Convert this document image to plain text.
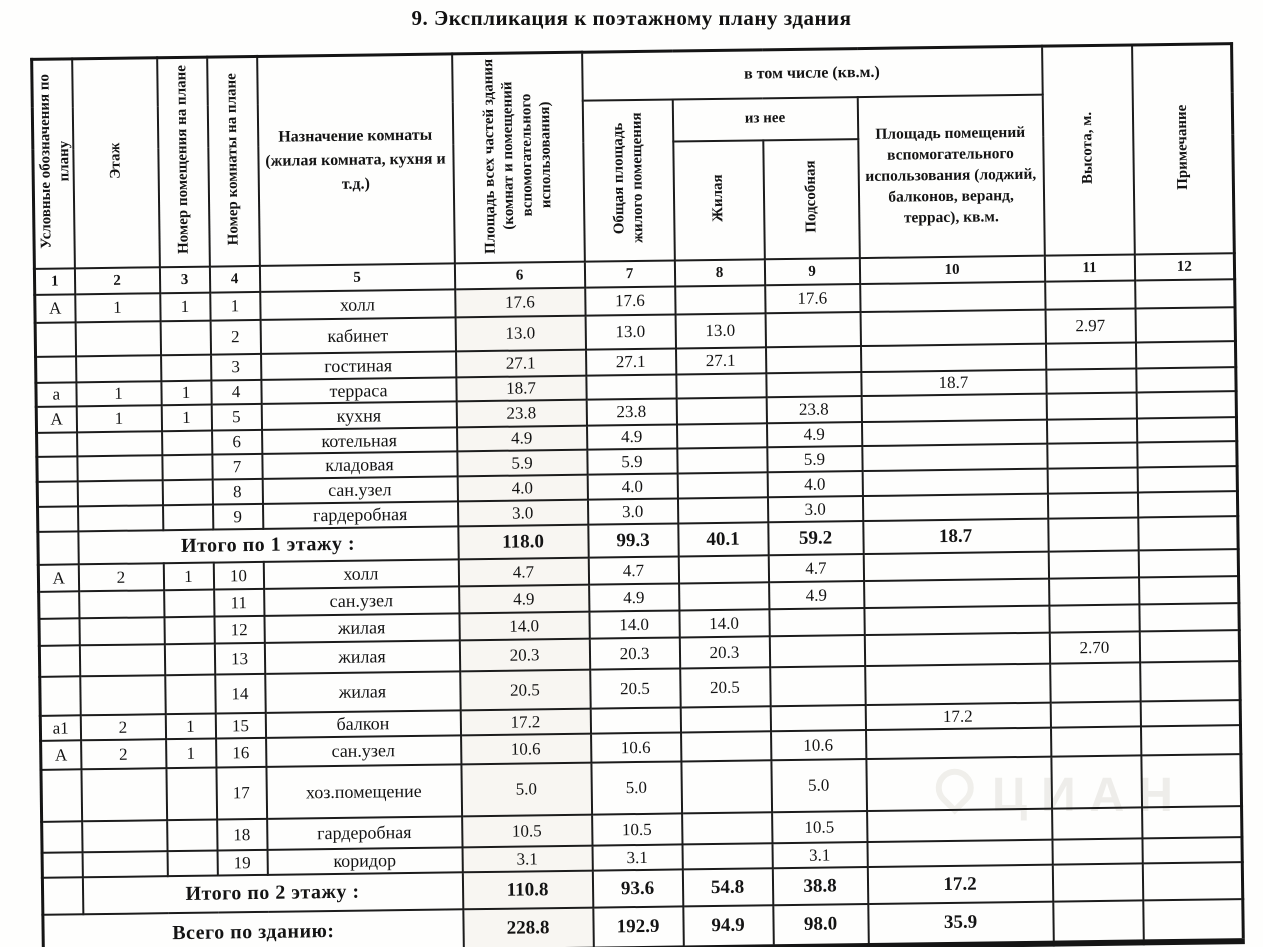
9. Экспликация к поэтажному плану здания
ЦИАН
Условные обозначения по плану	Этаж	Номер помещения на плане	Номер комнаты на плане	Назначение комнаты (жилая комната, кухня и т.д.)	Площадь всех частей здания (комнат и помещений вспомогательного использования)	в том числе (кв.м.)				Высота, м.	Примечание
						Общая площадь жилого помещения	из нее		Площадь помещений вспомогательного использования (лоджий, балконов, веранд, террас), кв.м.		
							Жилая	Подсобная			
1	2	3	4	5	6	7	8	9	10	11	12
А	1	1	1	холл	17.6	17.6		17.6			
			2	кабинет	13.0	13.0	13.0			2.97	
			3	гостиная	27.1	27.1	27.1				
а	1	1	4	терраса	18.7				18.7		
А	1	1	5	кухня	23.8	23.8		23.8			
			6	котельная	4.9	4.9		4.9			
			7	кладовая	5.9	5.9		5.9			
			8	сан.узел	4.0	4.0		4.0			
			9	гардеробная	3.0	3.0		3.0			
	Итого по 1 этажу :				118.0	99.3	40.1	59.2	18.7		
А	2	1	10	холл	4.7	4.7		4.7			
			11	сан.узел	4.9	4.9		4.9			
			12	жилая	14.0	14.0	14.0				
			13	жилая	20.3	20.3	20.3			2.70	
			14	жилая	20.5	20.5	20.5				
а1	2	1	15	балкон	17.2				17.2		
А	2	1	16	сан.узел	10.6	10.6		10.6			
			17	хоз.помещение	5.0	5.0		5.0			
			18	гардеробная	10.5	10.5		10.5			
			19	коридор	3.1	3.1		3.1			
	Итого по 2 этажу :				110.8	93.6	54.8	38.8	17.2		
Всего по зданию:					228.8	192.9	94.9	98.0	35.9		
